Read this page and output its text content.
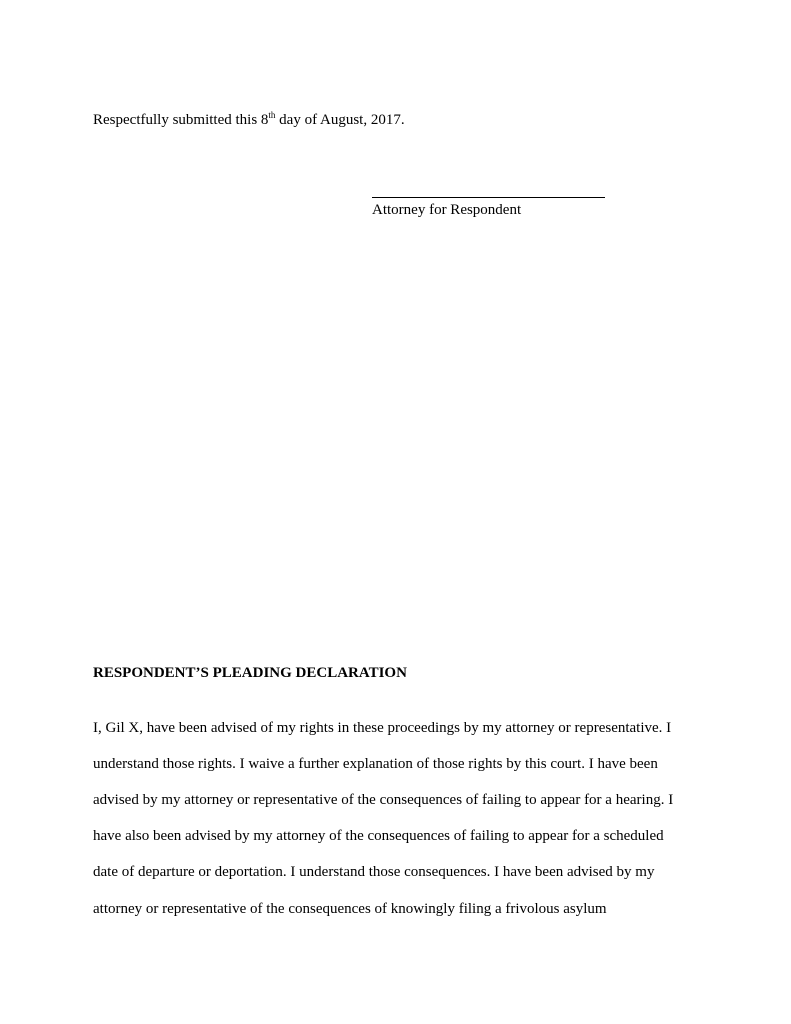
Respectfully submitted this 8th day of August, 2017.
Attorney for Respondent
RESPONDENT’S PLEADING DECLARATION
I, Gil X, have been advised of my rights in these proceedings by my attorney or representative. I
understand those rights. I waive a further explanation of those rights by this court. I have been
advised by my attorney or representative of the consequences of failing to appear for a hearing. I
have also been advised by my attorney of the consequences of failing to appear for a scheduled
date of departure or deportation. I understand those consequences. I have been advised by my
attorney or representative of the consequences of knowingly filing a frivolous asylum
